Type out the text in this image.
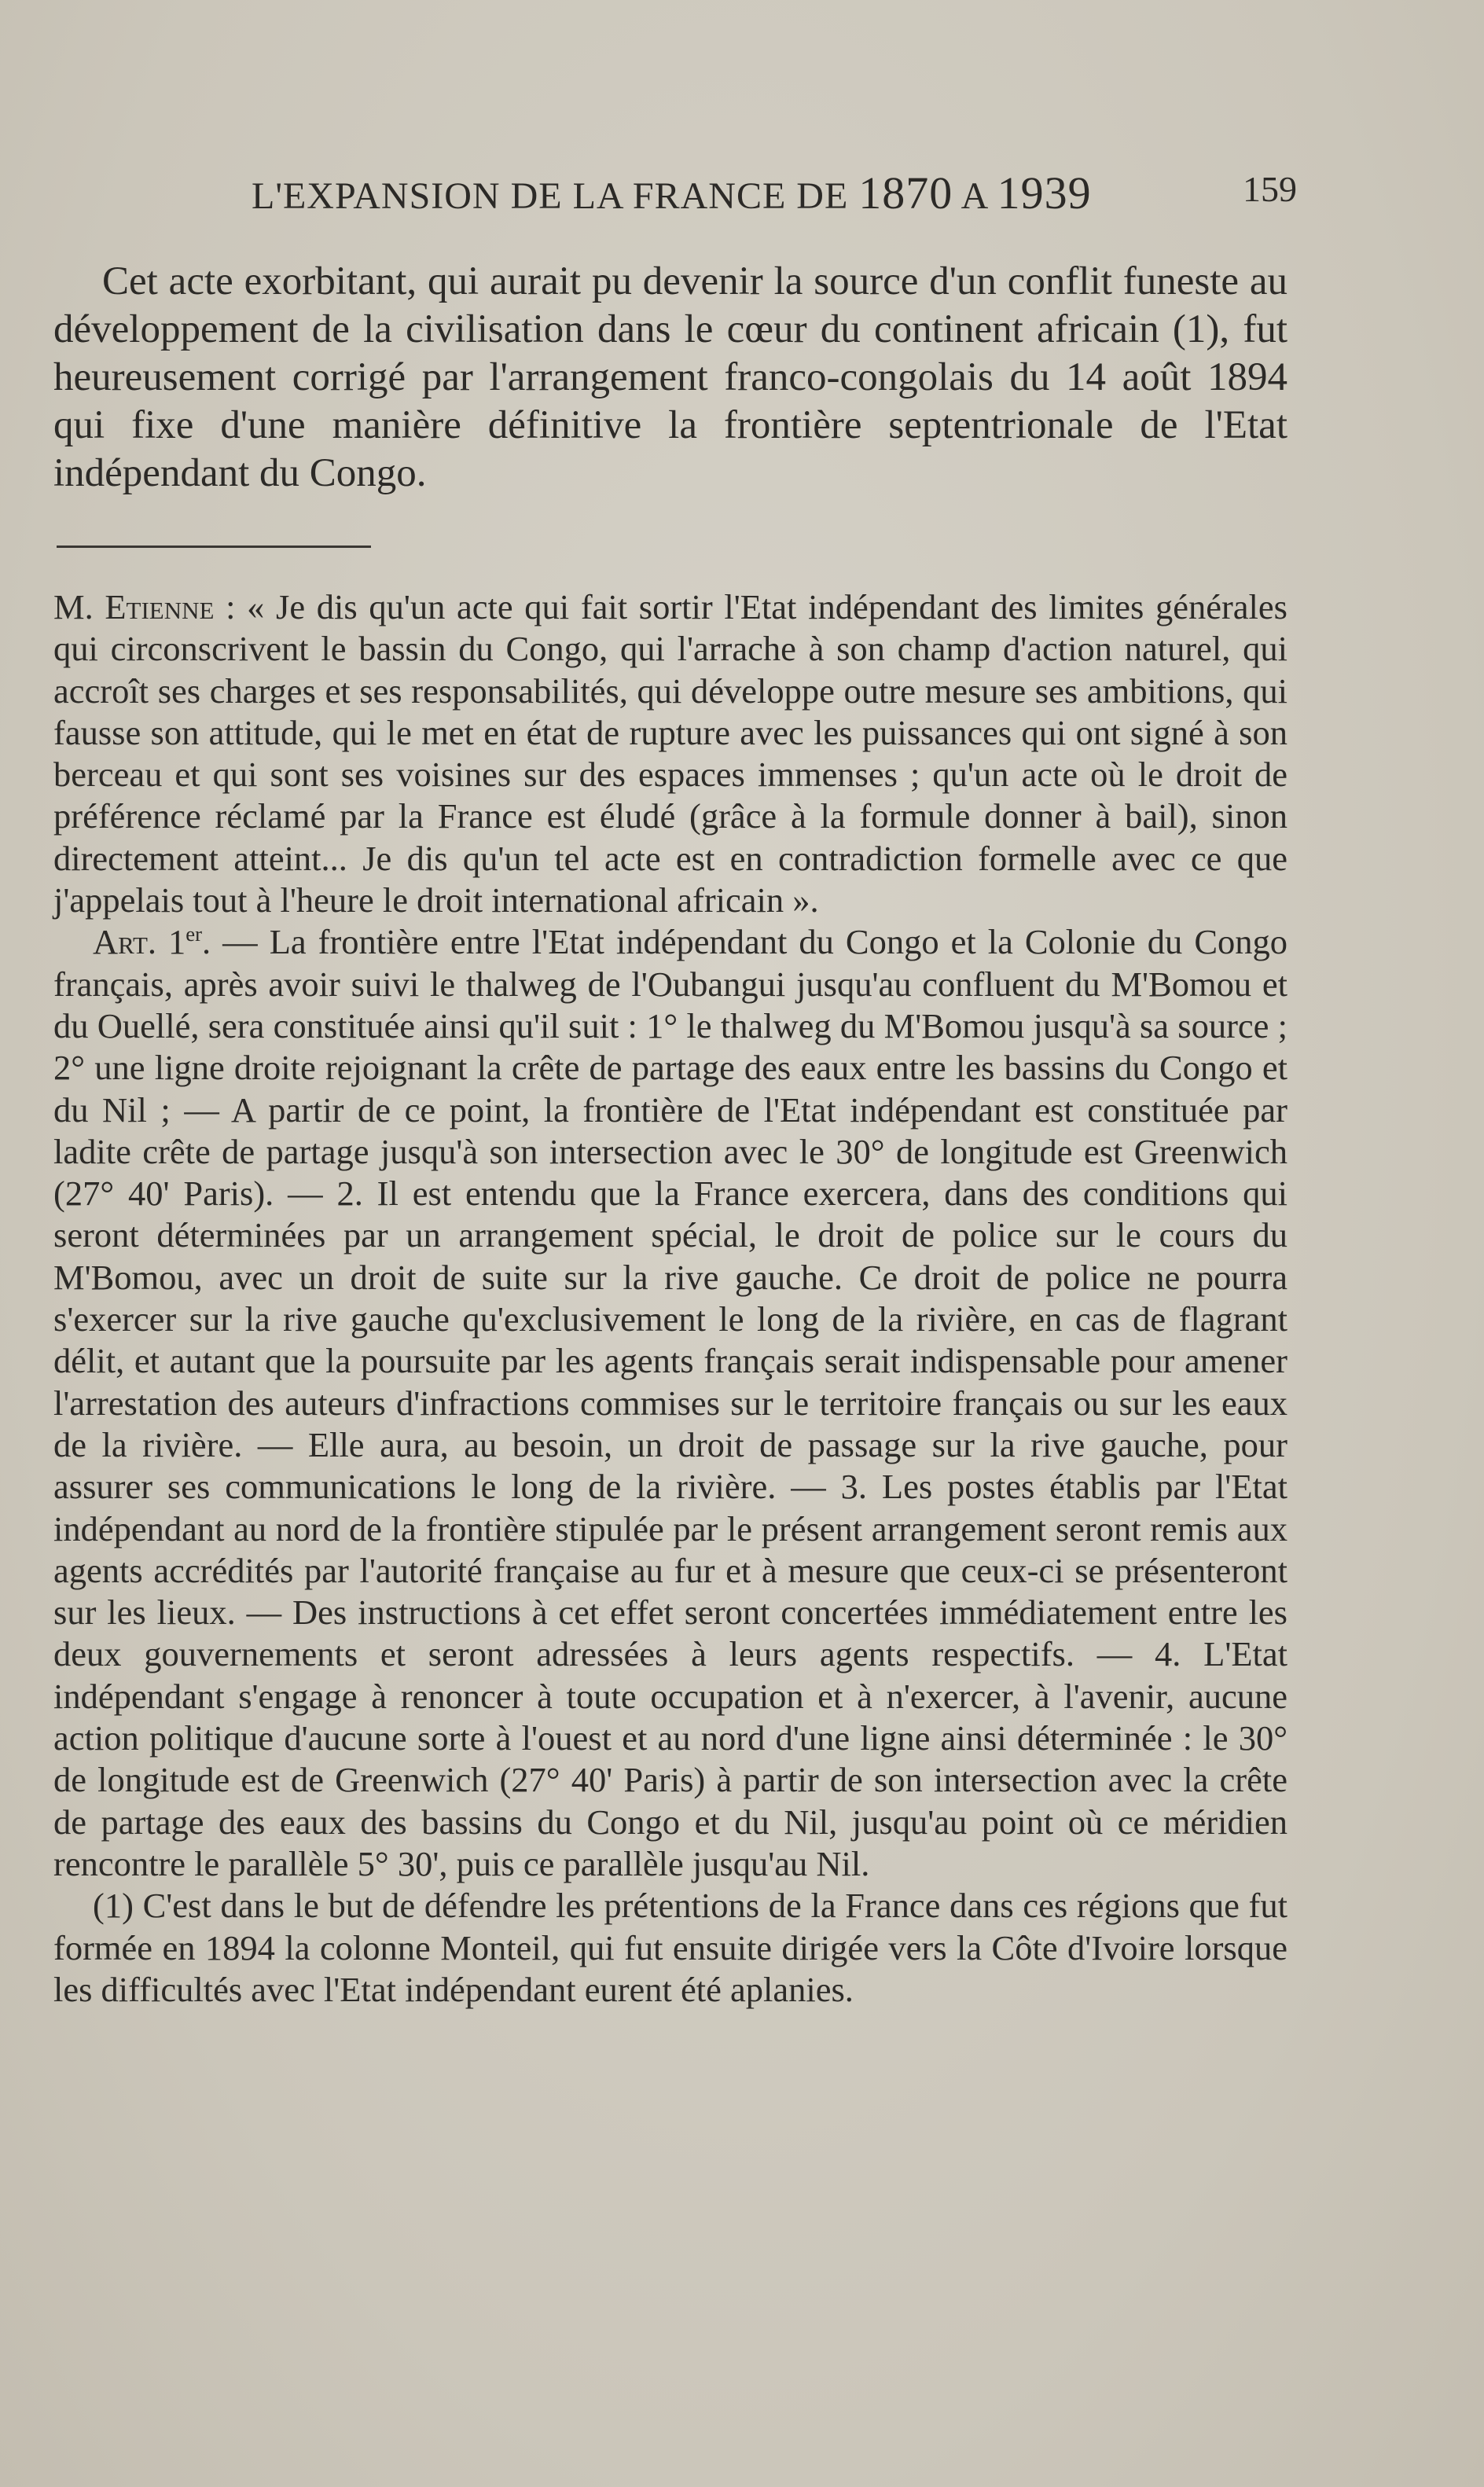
L'EXPANSION DE LA FRANCE DE 1870 A 1939	159

Cet acte exorbitant, qui aurait pu devenir la source d'un conflit funeste au développement de la civilisation dans le cœur du continent africain (1), fut heureusement corrigé par l'arrangement franco-congolais du 14 août 1894 qui fixe d'une manière définitive la frontière septentrionale de l'Etat indépendant du Congo.

M. Etienne : « Je dis qu'un acte qui fait sortir l'Etat indépendant des limites générales qui circonscrivent le bassin du Congo, qui l'arrache à son champ d'action naturel, qui accroît ses charges et ses responsabilités, qui développe outre mesure ses ambitions, qui fausse son attitude, qui le met en état de rupture avec les puissances qui ont signé à son berceau et qui sont ses voisines sur des espaces immenses ; qu'un acte où le droit de préférence réclamé par la France est éludé (grâce à la formule donner à bail), sinon directement atteint... Je dis qu'un tel acte est en contradiction formelle avec ce que j'appelais tout à l'heure le droit international africain ».

Art. 1er. — La frontière entre l'Etat indépendant du Congo et la Colonie du Congo français, après avoir suivi le thalweg de l'Oubangui jusqu'au confluent du M'Bomou et du Ouellé, sera constituée ainsi qu'il suit : 1° le thalweg du M'Bomou jusqu'à sa source ; 2° une ligne droite rejoignant la crête de partage des eaux entre les bassins du Congo et du Nil ; — A partir de ce point, la frontière de l'Etat indépendant est constituée par ladite crête de partage jusqu'à son intersection avec le 30° de longitude est Greenwich (27° 40' Paris). — 2. Il est entendu que la France exercera, dans des conditions qui seront déterminées par un arrangement spécial, le droit de police sur le cours du M'Bomou, avec un droit de suite sur la rive gauche. Ce droit de police ne pourra s'exercer sur la rive gauche qu'exclusivement le long de la rivière, en cas de flagrant délit, et autant que la poursuite par les agents français serait indispensable pour amener l'arrestation des auteurs d'infractions commises sur le territoire français ou sur les eaux de la rivière. — Elle aura, au besoin, un droit de passage sur la rive gauche, pour assurer ses communications le long de la rivière. — 3. Les postes établis par l'Etat indépendant au nord de la frontière stipulée par le présent arrangement seront remis aux agents accrédités par l'autorité française au fur et à mesure que ceux-ci se présenteront sur les lieux. — Des instructions à cet effet seront concertées immédiatement entre les deux gouvernements et seront adressées à leurs agents respectifs. — 4. L'Etat indépendant s'engage à renoncer à toute occupation et à n'exercer, à l'avenir, aucune action politique d'aucune sorte à l'ouest et au nord d'une ligne ainsi déterminée : le 30° de longitude est de Greenwich (27° 40' Paris) à partir de son intersection avec la crête de partage des eaux des bassins du Congo et du Nil, jusqu'au point où ce méridien rencontre le parallèle 5° 30', puis ce parallèle jusqu'au Nil.

(1) C'est dans le but de défendre les prétentions de la France dans ces régions que fut formée en 1894 la colonne Monteil, qui fut ensuite dirigée vers la Côte d'Ivoire lorsque les difficultés avec l'Etat indépendant eurent été aplanies.
